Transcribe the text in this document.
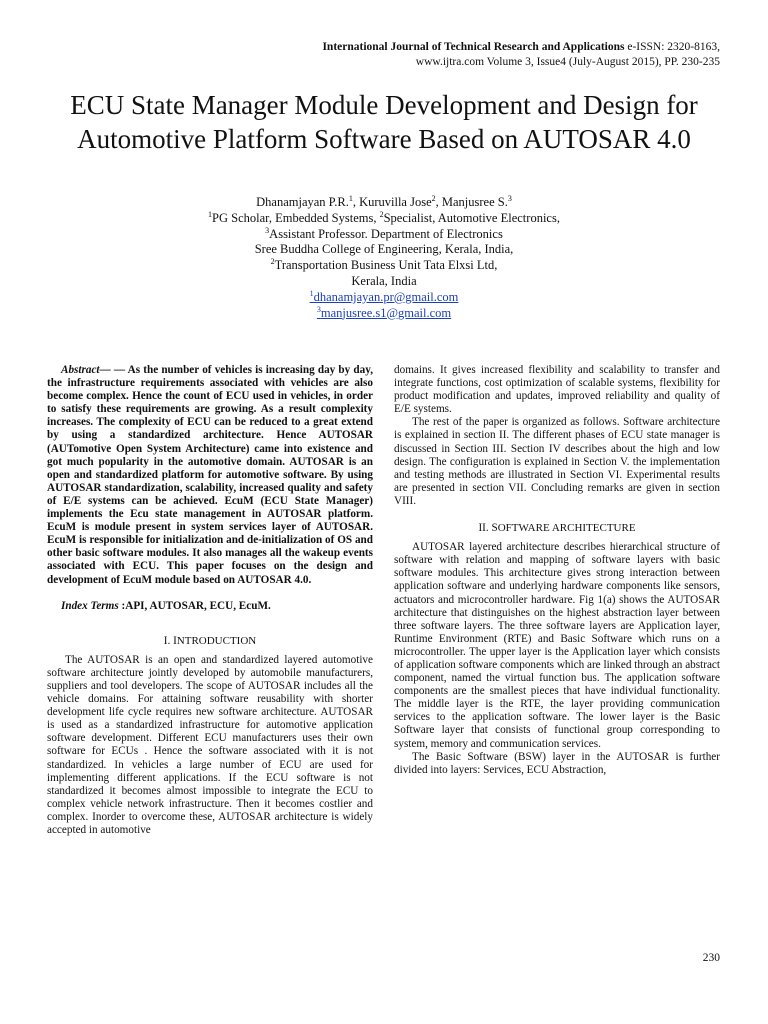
International Journal of Technical Research and Applications e-ISSN: 2320-8163,
www.ijtra.com Volume 3, Issue4 (July-August 2015), PP. 230-235
ECU State Manager Module Development and Design for Automotive Platform Software Based on AUTOSAR 4.0
Dhanamjayan P.R.$^1$, Kuruvilla Jose$^2$, Manjusree S.$^3$
$^1$PG Scholar, Embedded Systems, $^2$Specialist, Automotive Electronics,
$^3$Assistant Professor. Department of Electronics
Sree Buddha College of Engineering, Kerala, India,
$^2$Transportation Business Unit Tata Elxsi Ltd,
Kerala, India
$^1$dhanamjayan.pr@gmail.com
$^3$manjusree.s1@gmail.com

Abstract— — As the number of vehicles is increasing day by day, the infrastructure requirements associated with vehicles are also become complex. Hence the count of ECU used in vehicles, in order to satisfy these requirements are growing. As a result complexity increases. The complexity of ECU can be reduced to a great extend by using a standardized architecture. Hence AUTOSAR (AUTomotive Open System Architecture) came into existence and got much popularity in the automotive domain. AUTOSAR is an open and standardized platform for automotive software. By using AUTOSAR standardization, scalability, increased quality and safety of E/E systems can be achieved. EcuM (ECU State Manager) implements the Ecu state management in AUTOSAR platform. EcuM is module present in system services layer of AUTOSAR. EcuM is responsible for initialization and de-initialization of OS and other basic software modules. It also manages all the wakeup events associated with ECU. This paper focuses on the design and development of EcuM module based on AUTOSAR 4.0.

Index Terms :API, AUTOSAR, ECU, EcuM.

I. INTRODUCTION

The AUTOSAR is an open and standardized layered automotive software architecture jointly developed by automobile manufacturers, suppliers and tool developers. The scope of AUTOSAR includes all the vehicle domains. For attaining software reusability with shorter development life cycle requires new software architecture. AUTOSAR is used as a standardized infrastructure for automotive application software development. Different ECU manufacturers uses their own software for ECUs . Hence the software associated with it is not standardized. In vehicles a large number of ECU are used for implementing different applications. If the ECU software is not standardized it becomes almost impossible to integrate the ECU to complex vehicle network infrastructure. Then it becomes costlier and complex. Inorder to overcome these, AUTOSAR architecture is widely accepted in automotive

domains. It gives increased flexibility and scalability to transfer and integrate functions, cost optimization of scalable systems, flexibility for product modification and updates, improved reliability and quality of E/E systems.

The rest of the paper is organized as follows. Software architecture is explained in section II. The different phases of ECU state manager is discussed in Section III. Section IV describes about the high and low design. The configuration is explained in Section V. the implementation and testing methods are illustrated in Section VI. Experimental results are presented in section VII. Concluding remarks are given in section VIII.

II. SOFTWARE ARCHITECTURE

AUTOSAR layered architecture describes hierarchical structure of software with relation and mapping of software layers with basic software modules. This architecture gives strong interaction between application software and underlying hardware components like sensors, actuators and microcontroller hardware. Fig 1(a) shows the AUTOSAR architecture that distinguishes on the highest abstraction layer between three software layers. The three software layers are Application layer, Runtime Environment (RTE) and Basic Software which runs on a microcontroller. The upper layer is the Application layer which consists of application software components which are linked through an abstract component, named the virtual function bus. The application software components are the smallest pieces that have individual functionality. The middle layer is the RTE, the layer providing communication services to the application software. The lower layer is the Basic Software layer that consists of functional group corresponding to system, memory and communication services.

The Basic Software (BSW) layer in the AUTOSAR is further divided into layers: Services, ECU Abstraction,

230
